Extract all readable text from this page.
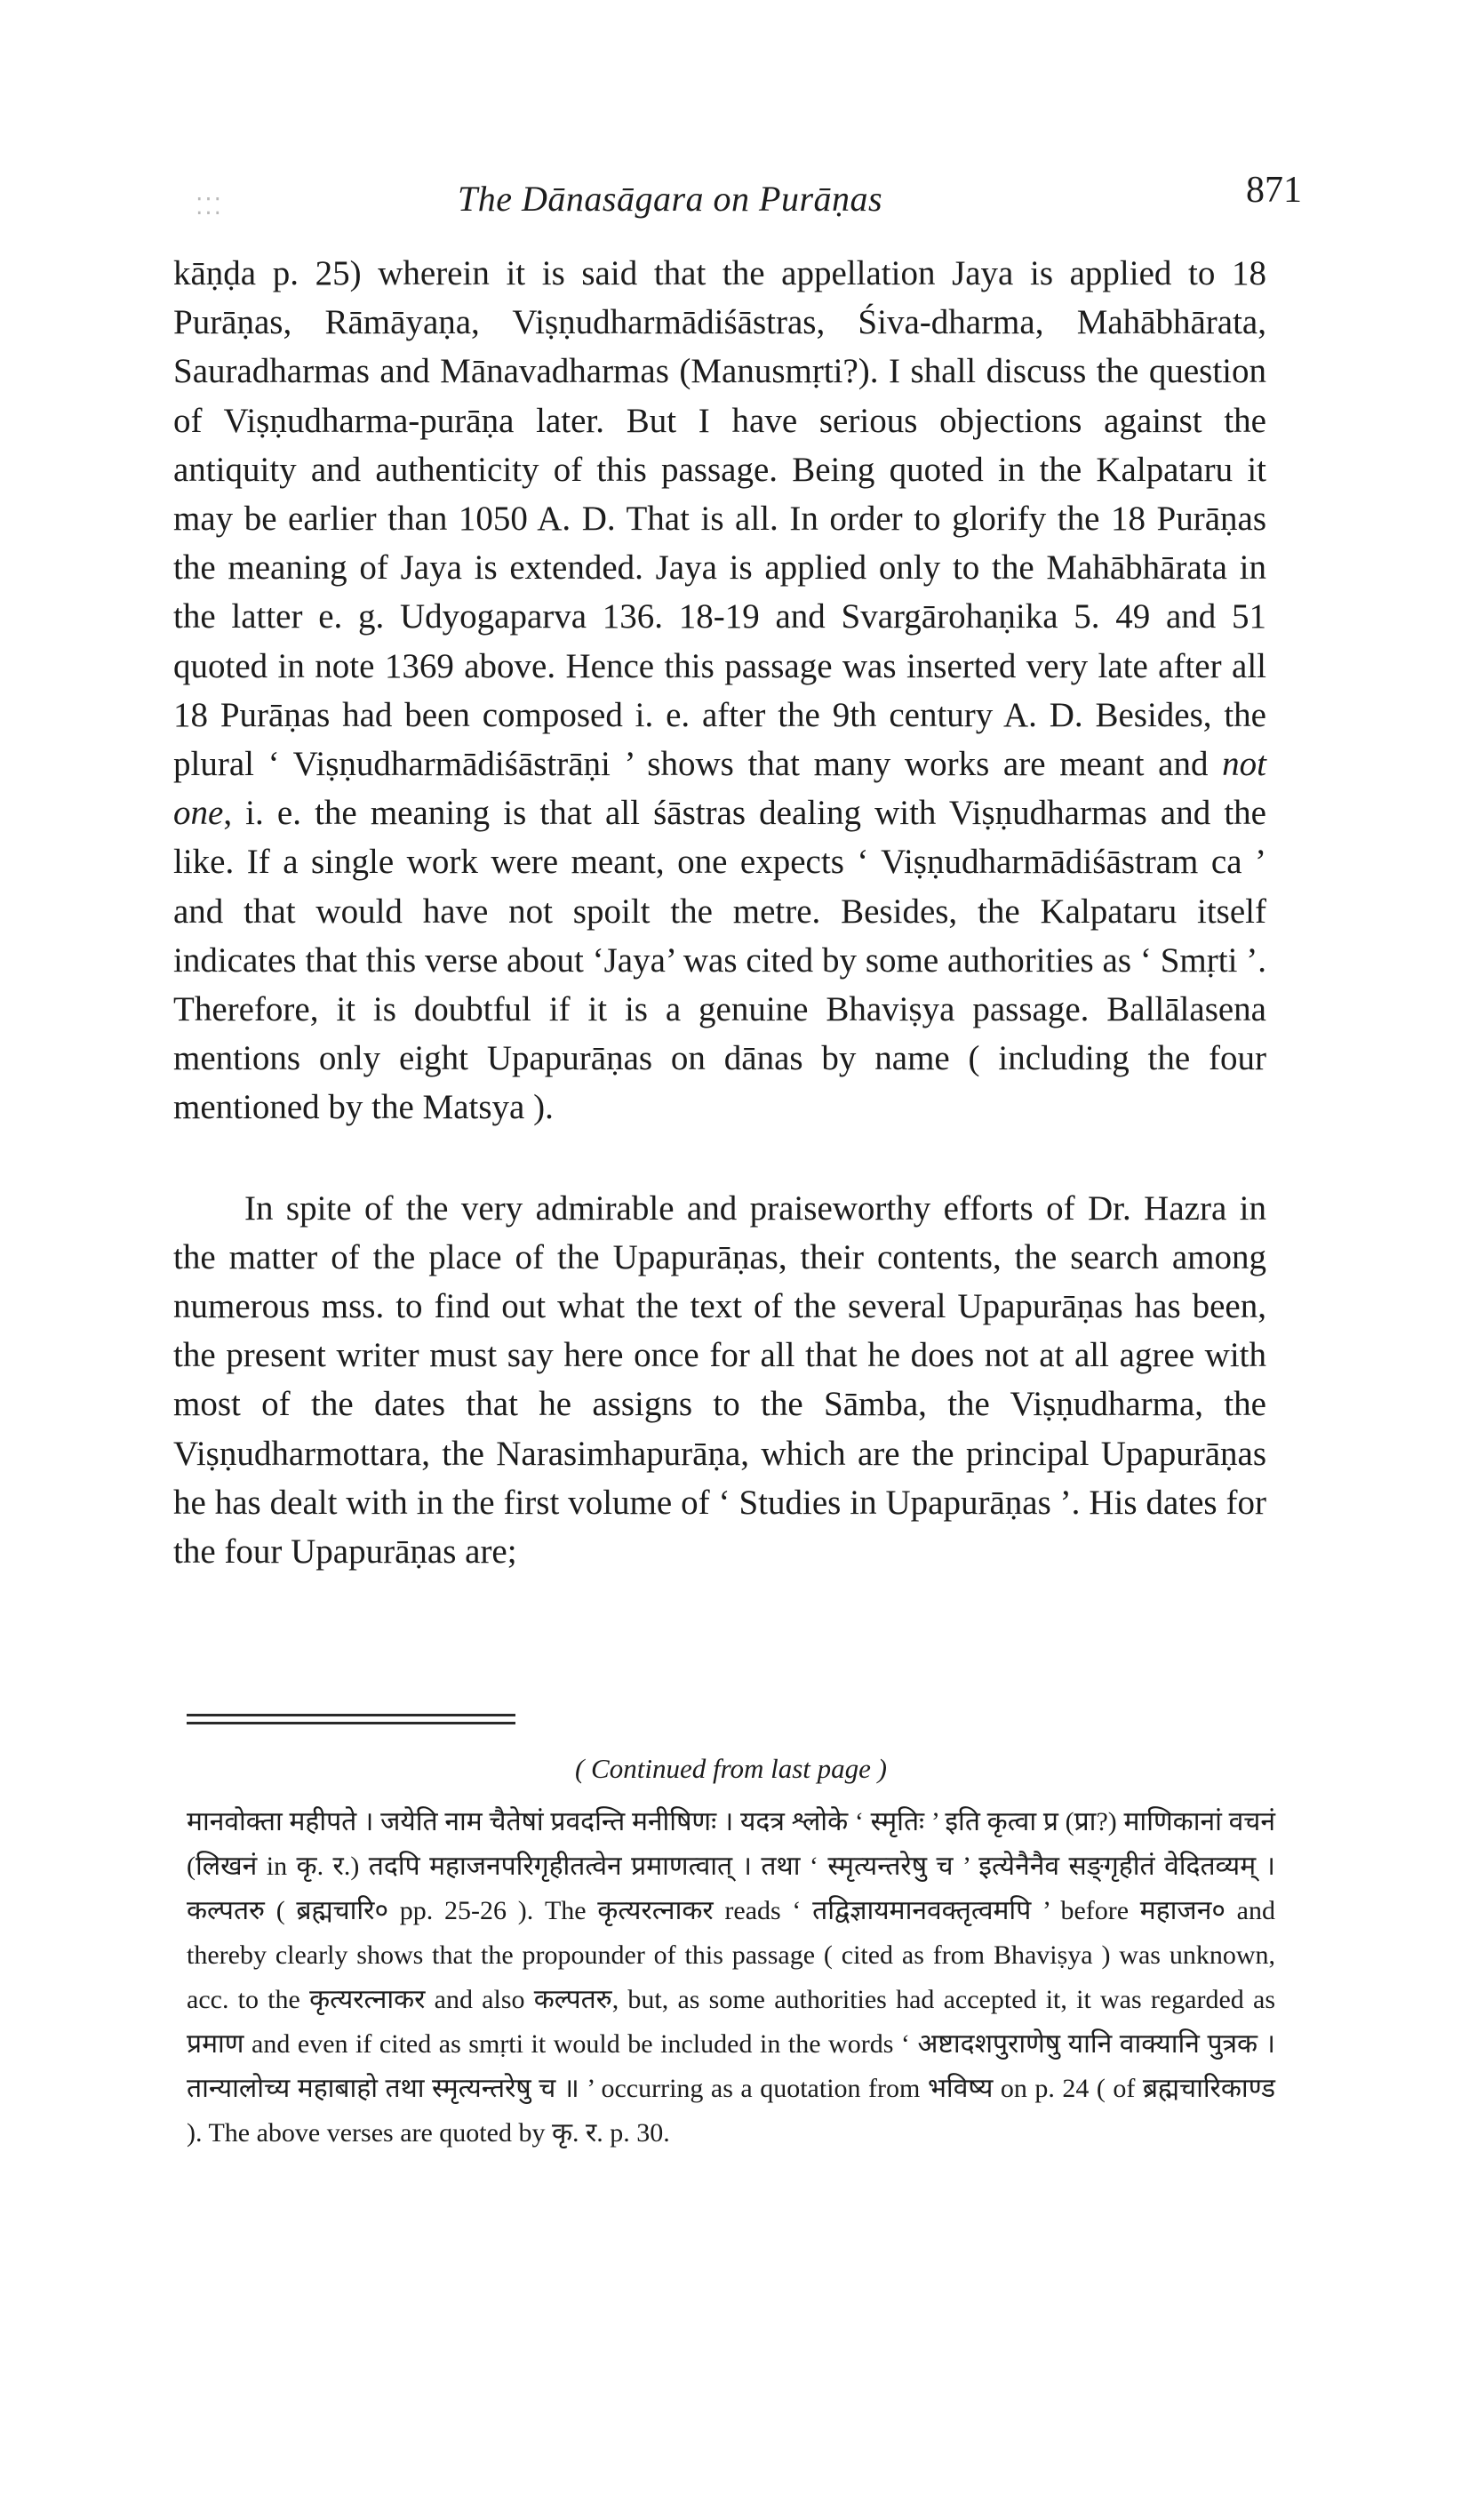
ㅤ⁚⁚⁚	The Dānasāgara on Purāṇas	871

kāṇḍa p. 25) wherein it is said that the appellation Jaya is applied to 18 Purāṇas, Rāmāyaṇa, Viṣṇudharmādiśāstras, Śiva-dharma, Mahābhārata, Sauradharmas and Mānavadharmas (Manusmṛti?). I shall discuss the question of Viṣṇudharma-purāṇa later. But I have serious objections against the antiquity and authenticity of this passage. Being quoted in the Kalpataru it may be earlier than 1050 A. D. That is all. In order to glorify the 18 Purāṇas the meaning of Jaya is extended. Jaya is applied only to the Mahābhārata in the latter e. g. Udyogaparva 136. 18-19 and Svargārohaṇika 5. 49 and 51 quoted in note 1369 above. Hence this passage was inserted very late after all 18 Purāṇas had been composed i. e. after the 9th century A. D. Besides, the plural ‘ Viṣṇudharmādiśāstrāṇi ’ shows that many works are meant and not one, i. e. the meaning is that all śāstras dealing with Viṣṇudharmas and the like. If a single work were meant, one expects ‘ Viṣṇudharmādiśāstram ca ’ and that would have not spoilt the metre. Besides, the Kalpataru itself indicates that this verse about ‘Jaya’ was cited by some authorities as ‘ Smṛti ’. Therefore, it is doubtful if it is a genuine Bhaviṣya passage. Ballālasena mentions only eight Upapurāṇas on dānas by name ( including the four mentioned by the Matsya ).

In spite of the very admirable and praiseworthy efforts of Dr. Hazra in the matter of the place of the Upapurāṇas, their contents, the search among numerous mss. to find out what the text of the several Upapurāṇas has been, the present writer must say here once for all that he does not at all agree with most of the dates that he assigns to the Sāmba, the Viṣṇudharma, the Viṣṇudharmottara, the Narasimhapurāṇa, which are the principal Upapurāṇas he has dealt with in the first volume of ‘ Studies in Upapurāṇas ’. His dates for the four Upapurāṇas are;

( Continued from last page )

मानवोक्ता महीपते । जयेति नाम चैतेषां प्रवदन्ति मनीषिणः । यदत्र श्लोके ‘ स्मृतिः ’ इति कृत्वा प्र (प्रा?) माणिकानां वचनं (लिखनं in कृ. र.) तदपि महाजनपरिगृहीतत्वेन प्रमाणत्वात् । तथा ‘ स्मृत्यन्तरेषु च ’ इत्येनैनैव सङ्गृहीतं वेदितव्यम् । कल्पतरु ( ब्रह्मचारि० pp. 25-26 ). The कृत्यरत्नाकर reads ‘ तद्विज्ञायमानवक्तृत्वमपि ’ before महाजन० and thereby clearly shows that the propounder of this passage ( cited as from Bhaviṣya ) was unknown, acc. to the कृत्यरत्नाकर and also कल्पतरु, but, as some authorities had accepted it, it was regarded as प्रमाण and even if cited as smṛti it would be included in the words ‘ अष्टादशपुराणेषु यानि वाक्यानि पुत्रक । तान्यालोच्य महाबाहो तथा स्मृत्यन्तरेषु च ॥ ’ occurring as a quotation from भविष्य on p. 24 ( of ब्रह्मचारिकाण्ड ). The above verses are quoted by कृ. र. p. 30.
